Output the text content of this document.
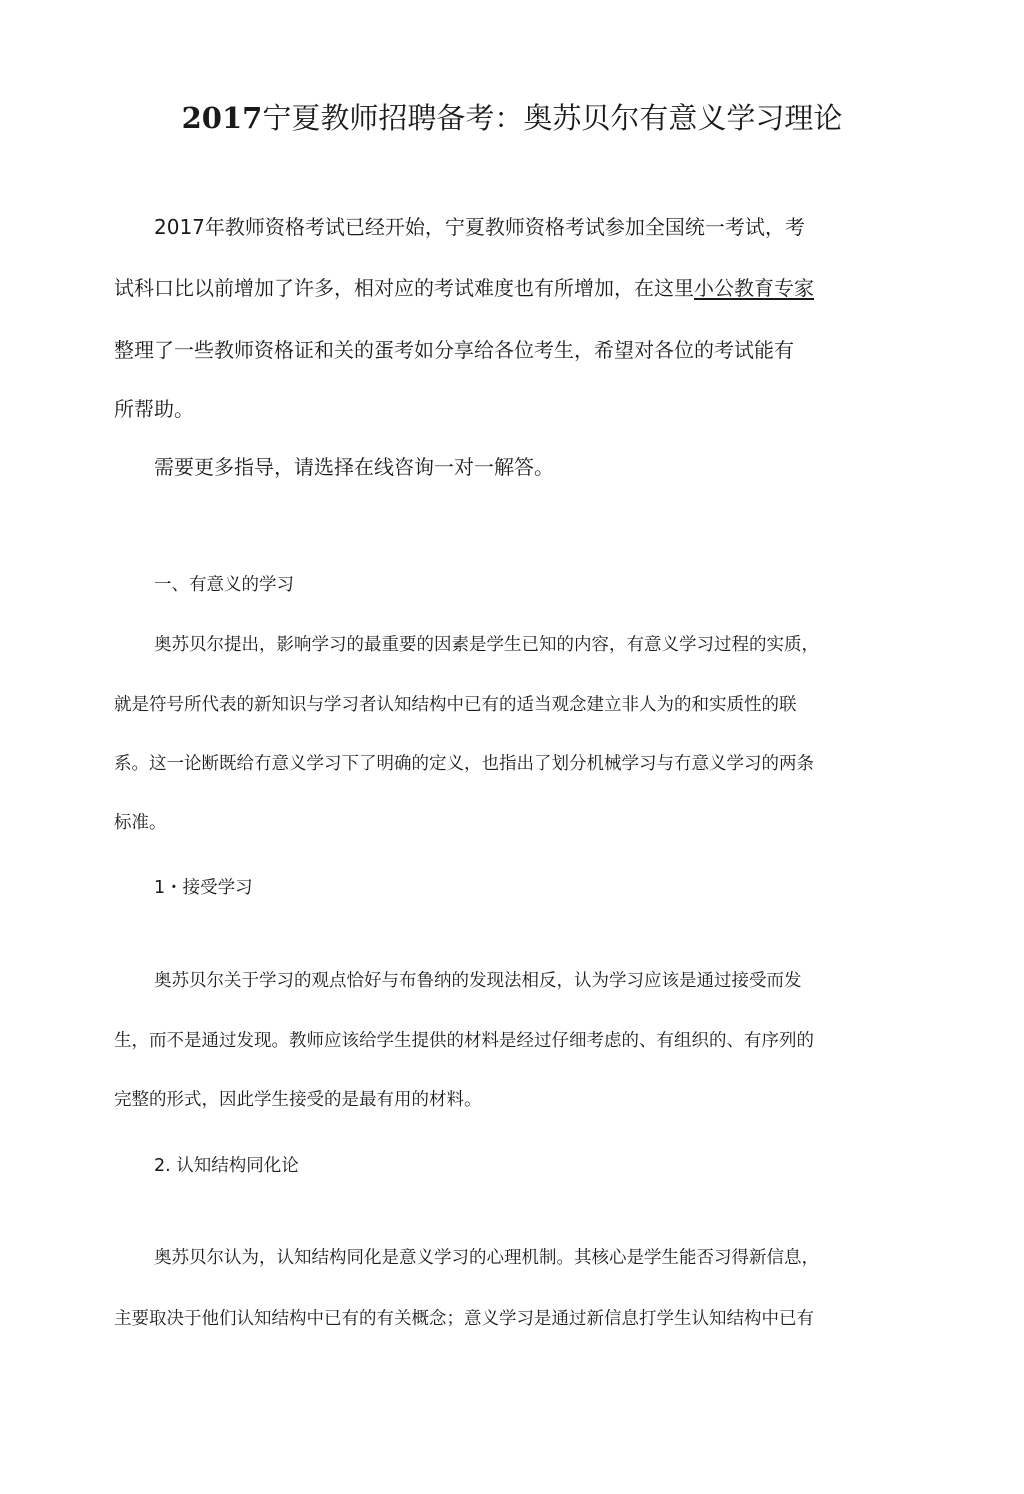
2017宁夏教师招聘备考：奥苏贝尔有意义学习理论

2017年教师资格考试已经开始，宁夏教师资格考试参加全国统一考试，考

试科口比以前增加了许多，相对应的考试难度也有所增加，在这里小公教育专家

整理了一些教师资格证和关的蛋考如分享给各位考生，希望对各位的考试能有

所帮助。

需要更多指导，请选择在线咨询一对一解答。

一、有意义的学习

奥苏贝尔提出，影响学习的最重要的因素是学生已知的内容，有意义学习过程的实质，

就是符号所代表的新知识与学习者认知结构中已有的适当观念建立非人为的和实质性的联

系。这一论断既给冇意义学习下了明确的定义，也指出了划分机械学习与冇意义学习的两条

标准。

1・接受学习

奥苏贝尔关于学习的观点恰好与布鲁纳的发现法相反，认为学习应该是通过接受而发

生，而不是通过发现。教师应该给学生提供的材料是经过仔细考虑的、有组织的、有序列的

完整的形式，因此学生接受的是最有用的材料。

2. 认知结构同化论

奥苏贝尔认为，认知结构同化是意义学习的心理机制。其核心是学生能否习得新信息，

主要取决于他们认知结构中已有的有关概念；意义学习是通过新信息打学生认知结构中已有
